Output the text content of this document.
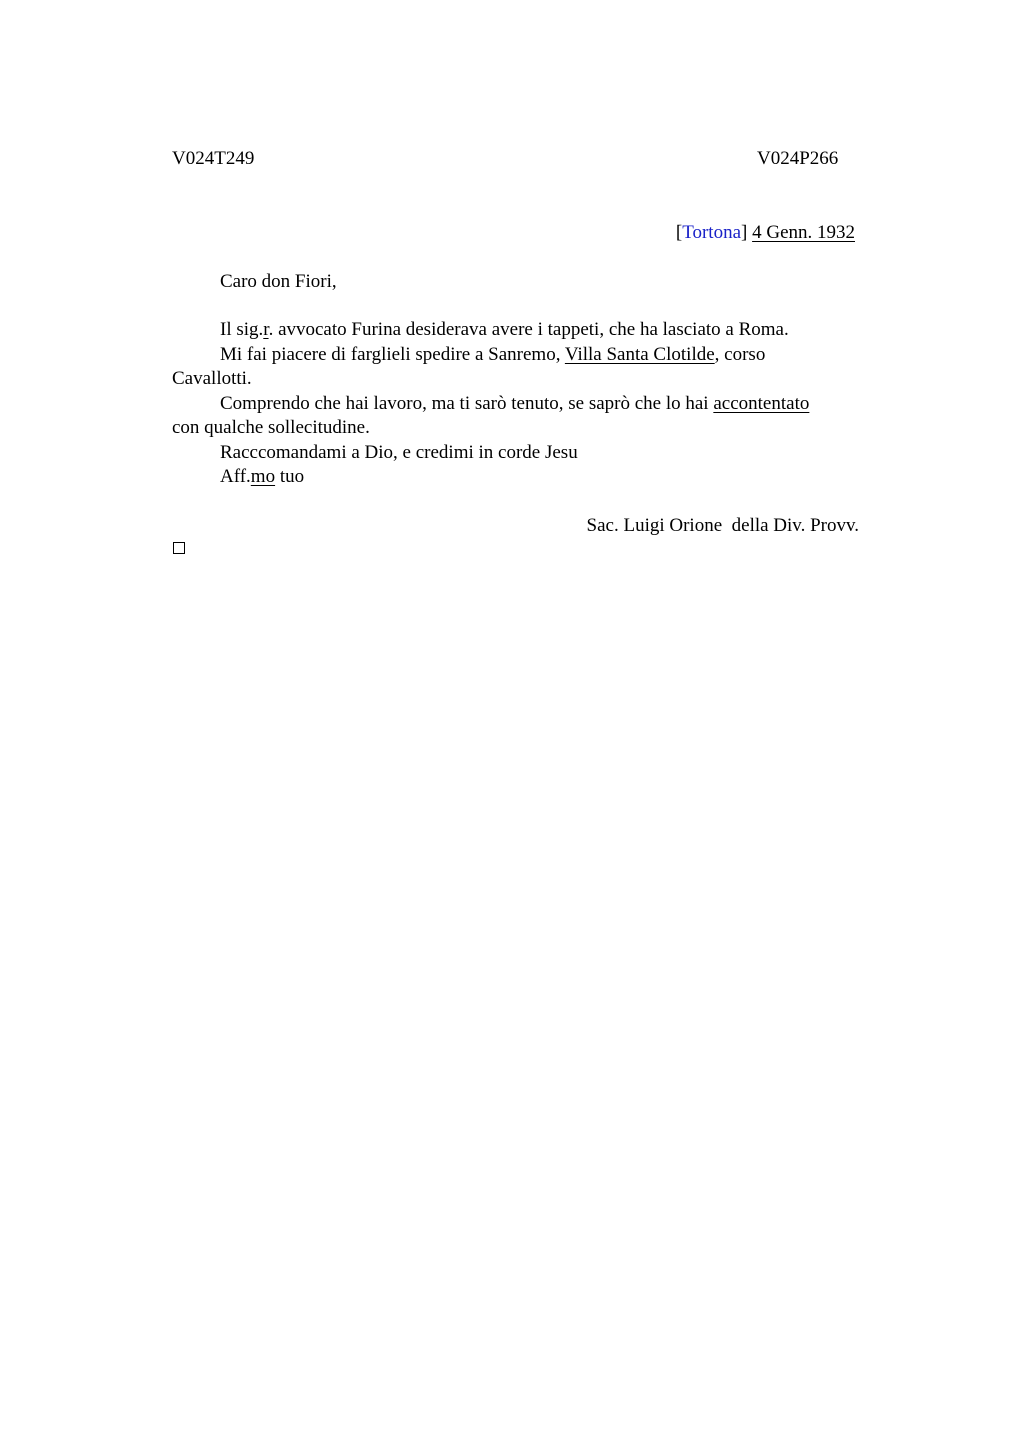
V024T249	V024P266
[Tortona] 4 Genn. 1932
Caro don Fiori,
Il sig.r. avvocato Furina desiderava avere i tappeti, che ha lasciato a Roma.
Mi fai piacere di farglieli spedire a Sanremo, Villa Santa Clotilde, corso
Cavallotti.
Comprendo che hai lavoro, ma ti sarò tenuto, se saprò che lo hai accontentato
con qualche sollecitudine.
Racccomandami a Dio, e credimi in corde Jesu
Aff.mo tuo
Sac. Luigi Orione  della Div. Provv.
